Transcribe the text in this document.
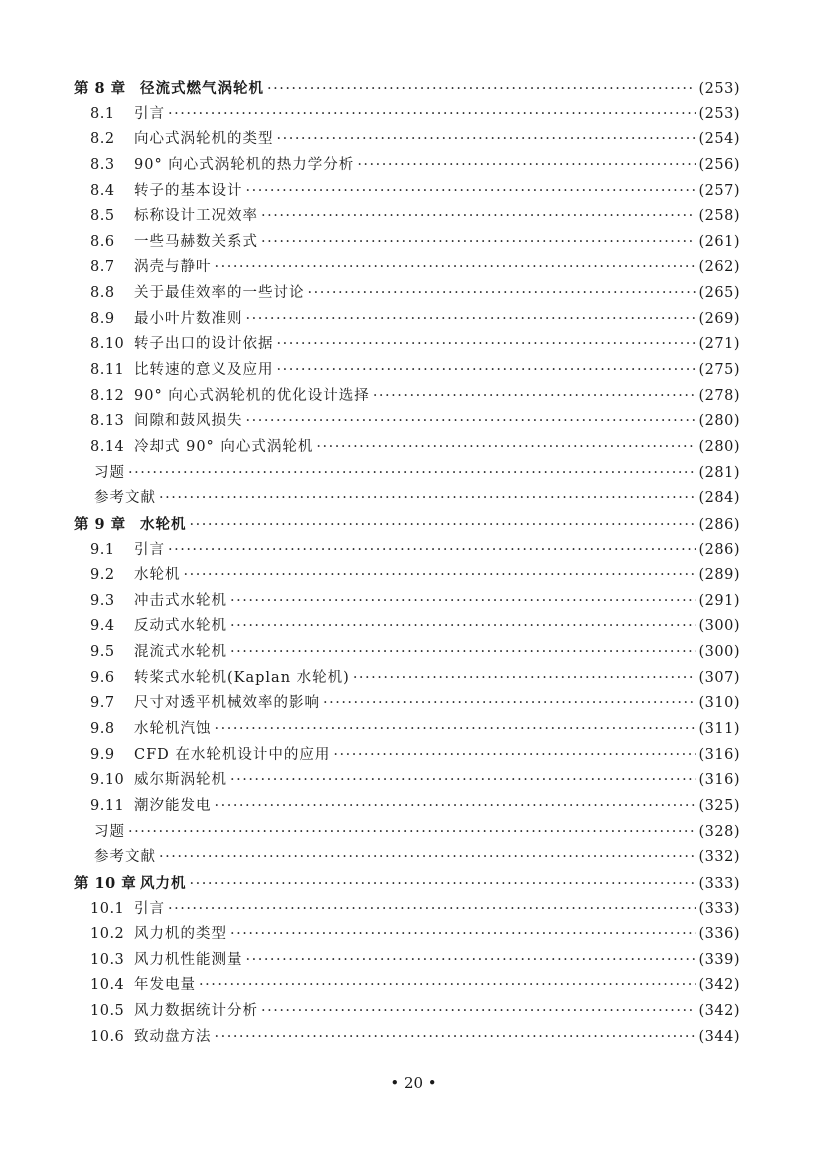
第 8 章 径流式燃气涡轮机 ·····	(253)
8.1	引言 ·····	(253)
8.2	向心式涡轮机的类型 ·····	(254)
8.3	90° 向心式涡轮机的热力学分析 ·····	(256)
8.4	转子的基本设计 ·····	(257)
8.5	标称设计工况效率 ·····	(258)
8.6	一些马赫数关系式 ·····	(261)
8.7	涡壳与静叶 ·····	(262)
8.8	关于最佳效率的一些讨论 ·····	(265)
8.9	最小叶片数准则 ·····	(269)
8.10 转子出口的设计依据 ·····	(271)
8.11 比转速的意义及应用 ·····	(275)
8.12 90° 向心式涡轮机的优化设计选择 ·····	(278)
8.13 间隙和鼓风损失 ·····	(280)
8.14 冷却式 90° 向心式涡轮机 ·····	(280)
习题 ·····	(281)
参考文献 ·····	(284)
第 9 章 水轮机 ·····	(286)
9.1	引言 ·····	(286)
9.2	水轮机 ·····	(289)
9.3	冲击式水轮机 ·····	(291)
9.4	反动式水轮机 ·····	(300)
9.5	混流式水轮机 ·····	(300)
9.6	转桨式水轮机(Kaplan 水轮机) ·····	(307)
9.7	尺寸对透平机械效率的影响 ·····	(310)
9.8	水轮机汽蚀 ·····	(311)
9.9	CFD 在水轮机设计中的应用 ·····	(316)
9.10 威尔斯涡轮机 ·····	(316)
9.11 潮汐能发电 ·····	(325)
习题 ·····	(328)
参考文献 ·····	(332)
第 10 章 风力机 ·····	(333)
10.1 引言 ·····	(333)
10.2 风力机的类型 ·····	(336)
10.3 风力机性能测量 ·····	(339)
10.4 年发电量 ·····	(342)
10.5 风力数据统计分析 ·····	(342)
10.6 致动盘方法 ·····	(344)
• 20 •
